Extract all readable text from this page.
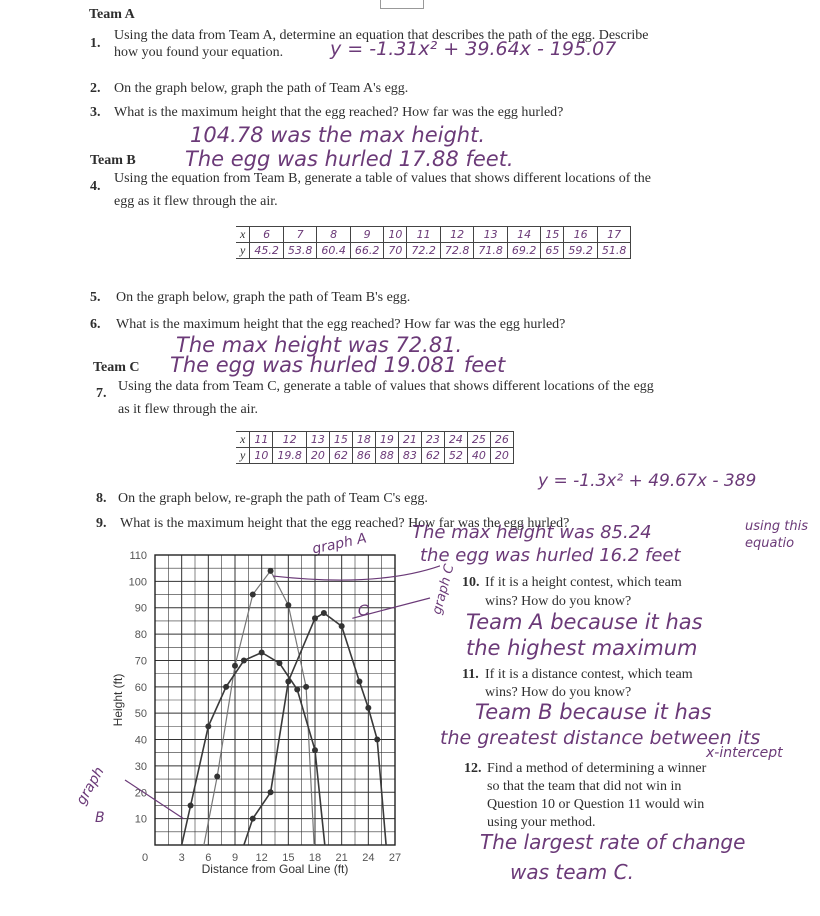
Team A
1.
Using the data from Team A, determine an equation that describes the path of the egg. Describe
how you found your equation. y = -1.31x² + 39.64x - 195.07
2. On the graph below, graph the path of Team A's egg.
3. What is the maximum height that the egg reached? How far was the egg hurled?
104.78 was the max height.
Team B The egg was hurled 17.88 feet.
4.
Using the equation from Team B, generate a table of values that shows different locations of the
egg as it flew through the air.
x	6	7	8	9	10	11	12	13	14	15	16	17
y	45.2	53.8	60.4	66.2	70	72.2	72.8	71.8	69.2	65	59.2	51.8
5. On the graph below, graph the path of Team B's egg.
6. What is the maximum height that the egg reached? How far was the egg hurled?
The max height was 72.81.
Team C The egg was hurled 19.081 feet
7. Using the data from Team C, generate a table of values that shows different locations of the egg
as it flew through the air.
x	11	12	13	15	18	19	21	23	24	25	26
y	10	19.8	20	62	86	88	83	62	52	40	20
y = -1.3x² + 49.67x - 389
8. On the graph below, re-graph the path of Team C's egg.
9. What is the maximum height that the egg reached? How far was the egg hurled?
The max height was 85.24
the egg was hurled 16.2 feet
using this equatio
10. If it is a height contest, which team
wins? How do you know?
Team A because it has
the highest maximum
11. If it is a distance contest, which team
wins? How do you know?
Team B because it has
the greatest distance between its
x-intercept
12. Find a method of determining a winner
so that the team that did not win in
Question 10 or Question 11 would win
using your method.
The largest rate of change
was team C.
graph A
graph
B
graph C
10
20
30
40
50
60
70
80
90
100
110
0	3 6 9 12 15 18 21 24 27
C
Distance from Goal Line (ft)
Height (ft)
